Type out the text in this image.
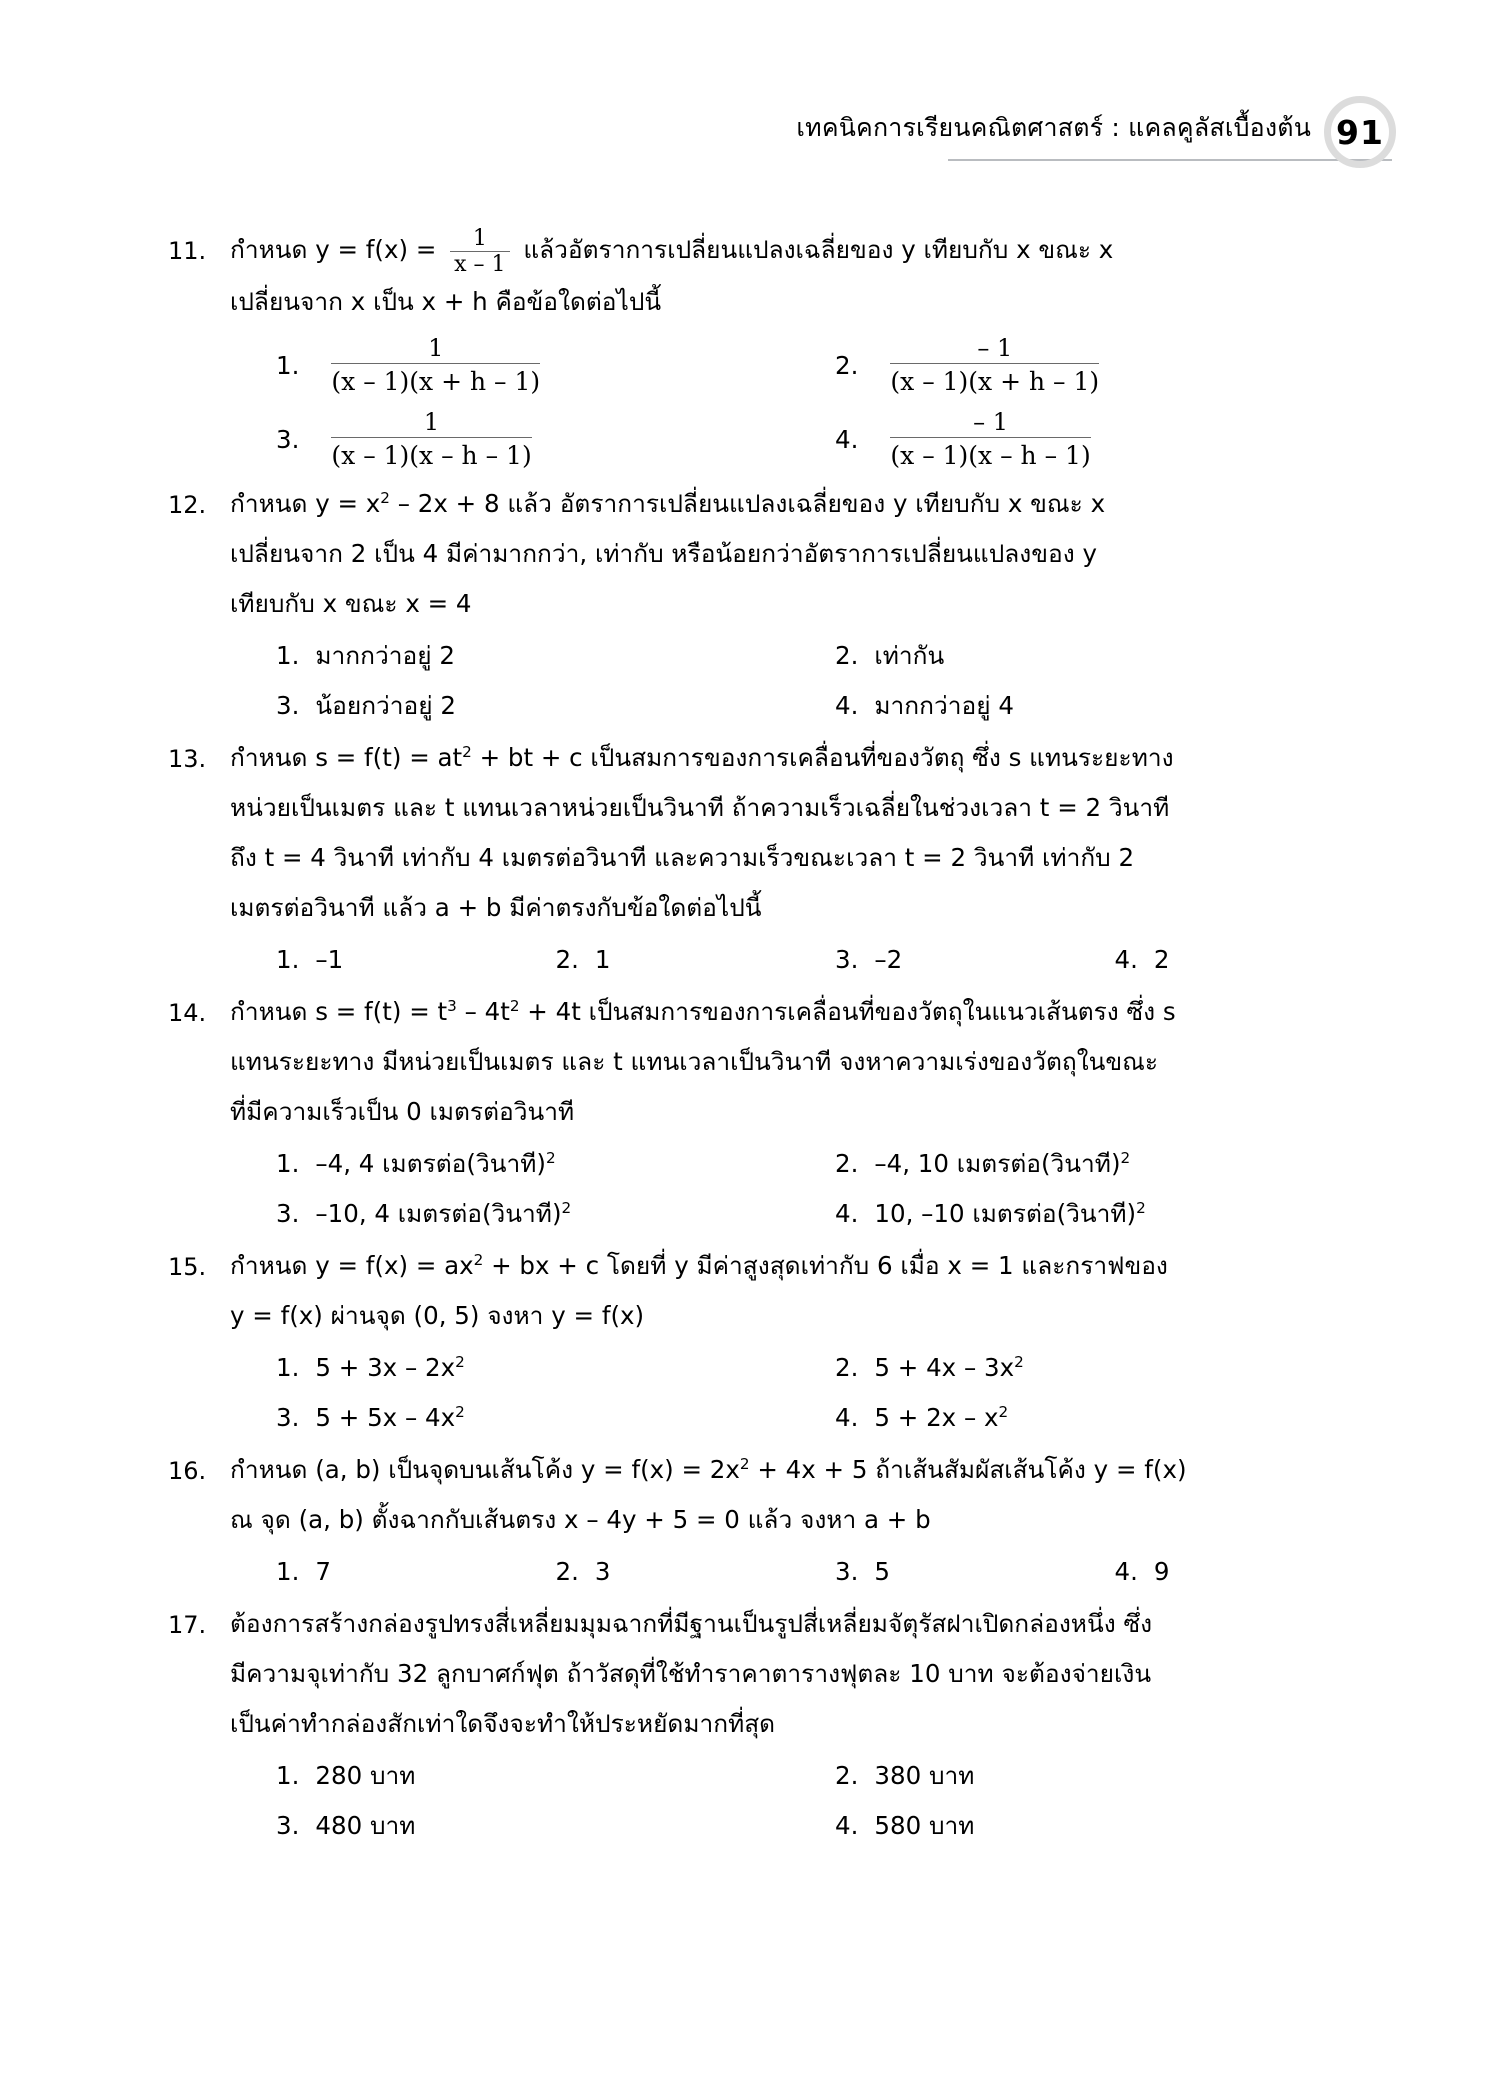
เทคนิคการเรียนคณิตศาสตร์ : แคลคูลัสเบื้องต้น 91
11. กำหนด $y = f(x) = \frac{1}{x - 1}$ แล้วอัตราการเปลี่ยนแปลงเฉลี่ยของ y เทียบกับ x ขณะ x
เปลี่ยนจาก x เป็น x + h คือข้อใดต่อไปนี้
1. $\frac{1}{(x - 1)(x + h - 1)}$	2. $\frac{- 1}{(x - 1)(x + h - 1)}$
3. $\frac{1}{(x - 1)(x - h - 1)}$	4. $\frac{- 1}{(x - 1)(x - h - 1)}$
12. กำหนด $y = x^2 - 2x + 8$ แล้ว อัตราการเปลี่ยนแปลงเฉลี่ยของ y เทียบกับ x ขณะ x
เปลี่ยนจาก 2 เป็น 4 มีค่ามากกว่า, เท่ากับ หรือน้อยกว่าอัตราการเปลี่ยนแปลงของ y
เทียบกับ x ขณะ x = 4
1. มากกว่าอยู่ 2	2. เท่ากัน
3. น้อยกว่าอยู่ 2	4. มากกว่าอยู่ 4
13. กำหนด $s = f(t) = at^2$ + bt + c เป็นสมการของการเคลื่อนที่ของวัตถุ ซึ่ง s แทนระยะทาง
หน่วยเป็นเมตร และ t แทนเวลาหน่วยเป็นวินาที ถ้าความเร็วเฉลี่ยในช่วงเวลา t = 2 วินาที
ถึง t = 4 วินาที เท่ากับ 4 เมตรต่อวินาที และความเร็วขณะเวลา t = 2 วินาที เท่ากับ 2
เมตรต่อวินาที แล้ว a + b มีค่าตรงกับข้อใดต่อไปนี้
1. –1	2. 1	3. –2	4. 2
14. กำหนด $s = f(t) = t^3 - 4t^2 + 4t$ เป็นสมการของการเคลื่อนที่ของวัตถุในแนวเส้นตรง ซึ่ง s
แทนระยะทาง มีหน่วยเป็นเมตร และ t แทนเวลาเป็นวินาที จงหาความเร่งของวัตถุในขณะ
ที่มีความเร็วเป็น 0 เมตรต่อวินาที
1. –4, 4 เมตรต่อ(วินาที)$^2$	2. –4, 10 เมตรต่อ(วินาที)$^2$
3. –10, 4 เมตรต่อ(วินาที)$^2$	4. 10, –10 เมตรต่อ(วินาที)$^2$
15. กำหนด $y = f(x) = ax^2$ + bx + c โดยที่ y มีค่าสูงสุดเท่ากับ 6 เมื่อ x = 1 และกราฟของ
y = f(x) ผ่านจุด (0, 5) จงหา y = f(x)
1. $5 + 3x - 2x^2$	2. $5 + 4x - 3x^2$
3. $5 + 5x - 4x^2$	4. $5 + 2x - x^2$
16. กำหนด (a, b) เป็นจุดบนเส้นโค้ง $y = f(x) = 2x^2 + 4x + 5$ ถ้าเส้นสัมผัสเส้นโค้ง y = f(x)
ณ จุด (a, b) ตั้งฉากกับเส้นตรง x – 4y + 5 = 0 แล้ว จงหา a + b
1. 7	2. 3	3. 5	4. 9
17. ต้องการสร้างกล่องรูปทรงสี่เหลี่ยมมุมฉากที่มีฐานเป็นรูปสี่เหลี่ยมจัตุรัสฝาเปิดกล่องหนึ่ง ซึ่ง
มีความจุเท่ากับ 32 ลูกบาศก์ฟุต ถ้าวัสดุที่ใช้ทำราคาตารางฟุตละ 10 บาท จะต้องจ่ายเงิน
เป็นค่าทำกล่องสักเท่าใดจึงจะทำให้ประหยัดมากที่สุด
1. 280 บาท	2. 380 บาท
3. 480 บาท	4. 580 บาท
